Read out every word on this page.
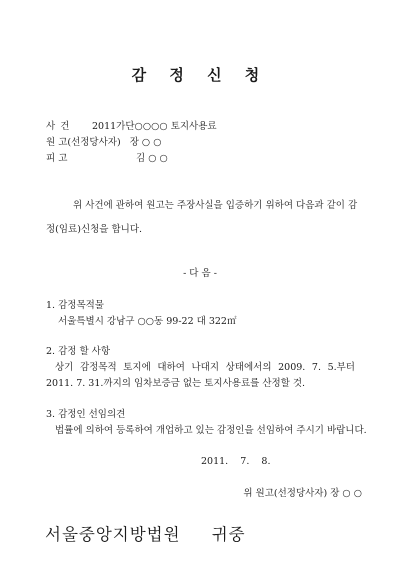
감 정 신 청
사 건 2011가단○○○○ 토지사용료
원 고(선정당사자) 장 ○ ○
피 고	김 ○ ○
위 사건에 관하여 원고는 주장사실을 입증하기 위하여 다음과 같이 감
정(임료)신청을 합니다.
- 다 음 -
1. 감정목적물
서울특별시 강남구 ○○동 99-22 대 322㎡
2. 감정 할 사항
상기 감정목적 토지에 대하여 나대지 상태에서의 2009. 7. 5.부터
2011. 7. 31.까지의 임차보증금 없는 토지사용료를 산정할 것.
3. 감정인 선임의견
법률에 의하여 등록하여 개업하고 있는 감정인을 선임하여 주시기 바랍니다.
2011.    7.    8.
위 원고(선정당사자) 장 ○ ○
서울중앙지방법원     귀중
